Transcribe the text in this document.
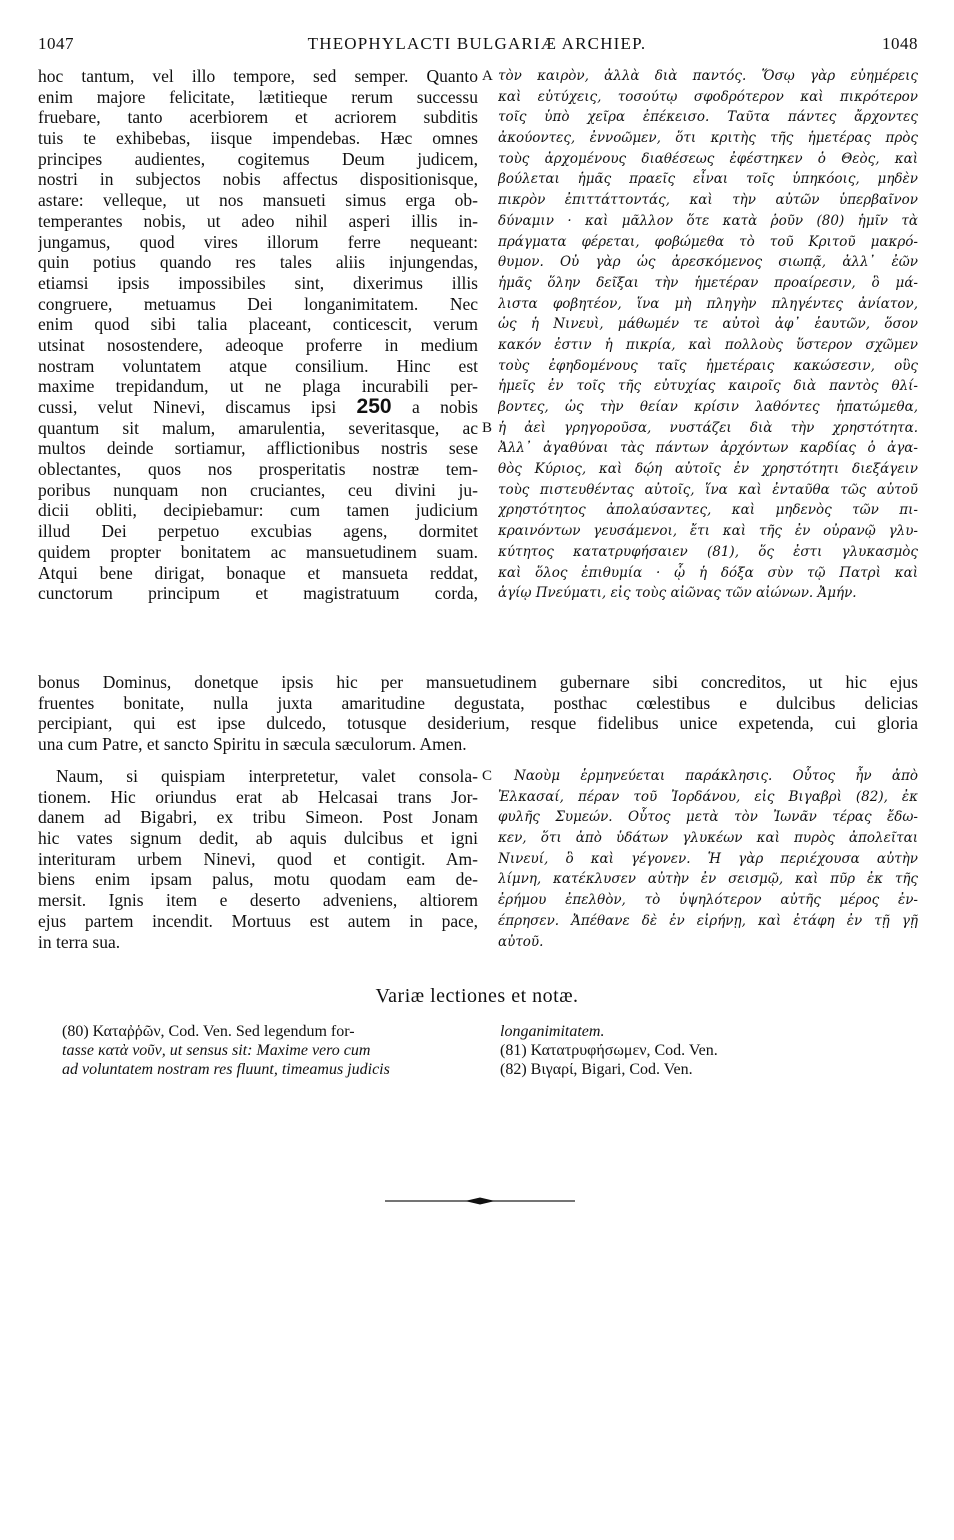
1047	THEOPHYLACTI BULGARIÆ ARCHIEP.	1048
hoc tantum, vel illo tempore, sed semper. Quanto
enim majore felicitate, lætitieque rerum successu
fruebare, tanto acerbiorem et acriorem subditis
tuis te exhibebas, iisque impendebas. Hæc omnes
principes audientes, cogitemus Deum judicem,
nostri in subjectos nobis affectus dispositionisque,
astare: velleque, ut nos mansueti simus erga ob-
temperantes nobis, ut adeo nihil asperi illis in-
jungamus, quod vires illorum ferre nequeant:
quin potius quando res tales aliis injungendas,
etiamsi ipsis impossibiles sint, dixerimus illis
congruere, metuamus Dei longanimitatem. Nec
enim quod sibi talia placeant, conticescit, verum
utsinat nosostendere, adeoque proferre in medium
nostram voluntatem atque consilium. Hinc est
maxime trepidandum, ut ne plaga incurabili per-
cussi, velut Ninevi, discamus ipsi 250 a nobis
quantum sit malum, amarulentia, severitasque, ac
multos deinde sortiamur, afflictionibus nostris sese
oblectantes, quos nos prosperitatis nostræ tem-
poribus nunquam non cruciantes, ceu divini ju-
dicii obliti, decipiebamur: cum tamen judicium
illud Dei perpetuo excubias agens, dormitet
quidem propter bonitatem ac mansuetudinem suam.
Atqui bene dirigat, bonaque et mansueta reddat,
cunctorum principum et magistratuum corda,
A
B
C
τὸν καιρὸν, ἀλλὰ διὰ παντός. Ὅσῳ γὰρ εὐημέρεις
καὶ εὐτύχεις, τοσούτῳ σφοδρότερον καὶ πικρότερον
τοῖς ὑπὸ χεῖρα ἐπέκεισο. Ταῦτα πάντες ἄρχοντες
ἀκούοντες, ἐννοῶμεν, ὅτι κριτὴς τῆς ἡμετέρας πρὸς
τοὺς ἀρχομένους διαθέσεως ἐφέστηκεν ὁ Θεὸς, καὶ
βούλεται ἡμᾶς πραεῖς εἶναι τοῖς ὑπηκόοις, μηδὲν
πικρὸν ἐπιττάττοντάς, καὶ τὴν αὐτῶν ὑπερβαῖνον
δύναμιν · καὶ μᾶλλον ὅτε κατὰ ῥοῦν (80) ἡμῖν τὰ
πράγματα φέρεται, φοβώμεθα τὸ τοῦ Κριτοῦ μακρό-
θυμον. Οὐ γὰρ ὡς ἀρεσκόμενος σιωπᾷ, ἀλλ᾽ ἐῶν
ἡμᾶς ὅλην δεῖξαι τὴν ἡμετέραν προαίρεσιν, ὃ μά-
λιστα φοβητέον, ἵνα μὴ πληγὴν πληγέντες ἀνίατον,
ὡς ἡ Νινευὶ, μάθωμέν τε αὐτοὶ ἀφ᾽ ἑαυτῶν, ὅσον
κακόν ἐστιν ἡ πικρία, καὶ πολλοὺς ὕστερον σχῶμεν
τοὺς ἐφηδομένους ταῖς ἡμετέραις κακώσεσιν, οὓς
ἡμεῖς ἐν τοῖς τῆς εὐτυχίας καιροῖς διὰ παντὸς θλί-
βοντες, ὡς τὴν θείαν κρίσιν λαθόντες ἠπατώμεθα,
ἡ ἀεὶ γρηγοροῦσα, νυστάζει διὰ τὴν χρηστότητα.
Ἀλλ᾽ ἀγαθύναι τὰς πάντων ἀρχόντων καρδίας ὁ ἀγα-
θὸς Κύριος, καὶ δῴη αὐτοῖς ἐν χρηστότητι διεξάγειν
τοὺς πιστευθέντας αὐτοῖς, ἵνα καὶ ἐνταῦθα τῶς αὐτοῦ
χρηστότητος ἀπολαύσαντες, καὶ μηδενὸς τῶν πι-
κραινόντων γευσάμενοι, ἔτι καὶ τῆς ἐν οὐρανῷ γλυ-
κύτητος κατατρυφήσαιεν (81), ὅς ἐστι γλυκασμὸς
καὶ ὅλος ἐπιθυμία · ᾧ ἡ δόξα σὺν τῷ Πατρὶ καὶ
ἁγίῳ Πνεύματι, εἰς τοὺς αἰῶνας τῶν αἰώνων. Ἀμήν.
bonus Dominus, donetque ipsis hic per mansuetudinem gubernare sibi concreditos, ut hic ejus
fruentes bonitate, nulla juxta amaritudine degustata, posthac cœlestibus e dulcibus delicias
percipiant, qui est ipse dulcedo, totusque desiderium, resque fidelibus unice expetenda, cui gloria
una cum Patre, et sancto Spiritu in sæcula sæculorum. Amen.
Naum, si quispiam interpretetur, valet consola-
tionem. Hic oriundus erat ab Helcasai trans Jor-
danem ad Bigabri, ex tribu Simeon. Post Jonam
hic vates signum dedit, ab aquis dulcibus et igni
interituram urbem Ninevi, quod et contigit. Am-
biens enim ipsam palus, motu quodam eam de-
mersit. Ignis item e deserto adveniens, altiorem
ejus partem incendit. Mortuus est autem in pace,
in terra sua.
Ναοὺμ ἑρμηνεύεται παράκλησις. Οὗτος ἦν ἀπὸ
Ἐλκασαί, πέραν τοῦ Ἰορδάνου, εἰς Βιγαβρὶ (82), ἐκ
φυλῆς Συμεών. Οὗτος μετὰ τὸν Ἰωνᾶν τέρας ἔδω-
κεν, ὅτι ἀπὸ ὑδάτων γλυκέων καὶ πυρὸς ἀπολεῖται
Νινευί, ὃ καὶ γέγονεν. Ἡ γὰρ περιέχουσα αὐτὴν
λίμνη, κατέκλυσεν αὐτὴν ἐν σεισμῷ, καὶ πῦρ ἐκ τῆς
ἐρήμου ἐπελθὸν, τὸ ὑψηλότερον αὐτῆς μέρος ἐν-
έπρησεν. Ἀπέθανε δὲ ἐν εἰρήνῃ, καὶ ἐτάφη ἐν τῇ γῇ
αὐτοῦ.
Variæ lectiones et notæ.
(80) Καταῤῥῶν, Cod. Ven. Sed legendum for-
tasse κατὰ νοῦν, ut sensus sit: Maxime vero cum
ad voluntatem nostram res fluunt, timeamus judicis
longanimitatem.
(81) Κατατρυφήσωμεν, Cod. Ven.
(82) Βιγαρί, Bigari, Cod. Ven.
